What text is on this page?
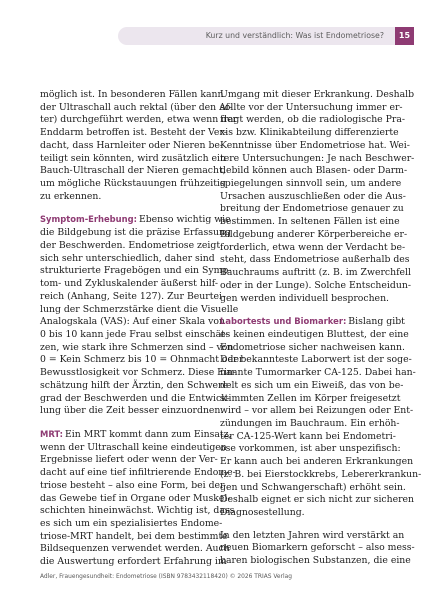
Kurz und verständlich: Was ist Endometriose?	15
möglich ist. In besonderen Fällen kann
der Ultraschall auch rektal (über den Af-
ter) durchgeführt werden, etwa wenn der
Enddarm betroffen ist. Besteht der Ver-
dacht, dass Harnleiter oder Nieren be-
teiligt sein könnten, wird zusätzlich ein
Bauch-Ultraschall der Nieren gemacht,
um mögliche Rückstauungen frühzeitig
zu erkennen.
Symptom-Erhebung: Ebenso wichtig wie
die Bildgebung ist die präzise Erfassung
der Beschwerden. Endometriose zeigt
sich sehr unterschiedlich, daher sind
strukturierte Fragebögen und ein Symp-
tom- und Zykluskalender äußerst hilf-
reich (Anhang, Seite 127). Zur Beurtei-
lung der Schmerzstärke dient die Visuelle
Analogskala (VAS): Auf einer Skala von
0 bis 10 kann jede Frau selbst einschät-
zen, wie stark ihre Schmerzen sind – von
0 = Kein Schmerz bis 10 = Ohnmacht oder
Bewusstlosigkeit vor Schmerz. Diese Ein-
schätzung hilft der Ärztin, den Schwere-
grad der Beschwerden und die Entwick-
lung über die Zeit besser einzuordnen.
MRT: Ein MRT kommt dann zum Einsatz,
wenn der Ultraschall keine eindeutigen
Ergebnisse liefert oder wenn der Ver-
dacht auf eine tief infiltrierende Endome-
triose besteht – also eine Form, bei der
das Gewebe tief in Organe oder Muskel-
schichten hineinwächst. Wichtig ist, dass
es sich um ein spezialisiertes Endome-
triose-MRT handelt, bei dem bestimmte
Bildsequenzen verwendet werden. Auch
die Auswertung erfordert Erfahrung im
Umgang mit dieser Erkrankung. Deshalb
sollte vor der Untersuchung immer er-
fragt werden, ob die radiologische Pra-
xis bzw. Klinikabteilung differenzierte
Kenntnisse über Endometriose hat. Wei-
tere Untersuchungen: Je nach Beschwer-
debild können auch Blasen- oder Darm-
spiegelungen sinnvoll sein, um andere
Ursachen auszuschließen oder die Aus-
breitung der Endometriose genauer zu
bestimmen. In seltenen Fällen ist eine
Bildgebung anderer Körperbereiche er-
forderlich, etwa wenn der Verdacht be-
steht, dass Endometriose außerhalb des
Bauchraums auftritt (z. B. im Zwerchfell
oder in der Lunge). Solche Entscheidun-
gen werden individuell besprochen.
Labortests und Biomarker: Bislang gibt
es keinen eindeutigen Bluttest, der eine
Endometriose sicher nachweisen kann.
Der bekannteste Laborwert ist der soge-
nannte Tumormarker CA-125. Dabei han-
delt es sich um ein Eiweiß, das von be-
stimmten Zellen im Körper freigesetzt
wird – vor allem bei Reizungen oder Ent-
zündungen im Bauchraum. Ein erhöh-
ter CA-125-Wert kann bei Endometri-
ose vorkommen, ist aber unspezifisch:
Er kann auch bei anderen Erkrankungen
(z. B. bei Eierstockkrebs, Lebererkrankun-
gen und Schwangerschaft) erhöht sein.
Deshalb eignet er sich nicht zur sicheren
Diagnosestellung.
In den letzten Jahren wird verstärkt an
neuen Biomarkern geforscht – also mess-
baren biologischen Substanzen, die eine
Adler, Frauengesundheit: Endometriose (ISBN 9783432118420) © 2026 TRIAS Verlag
